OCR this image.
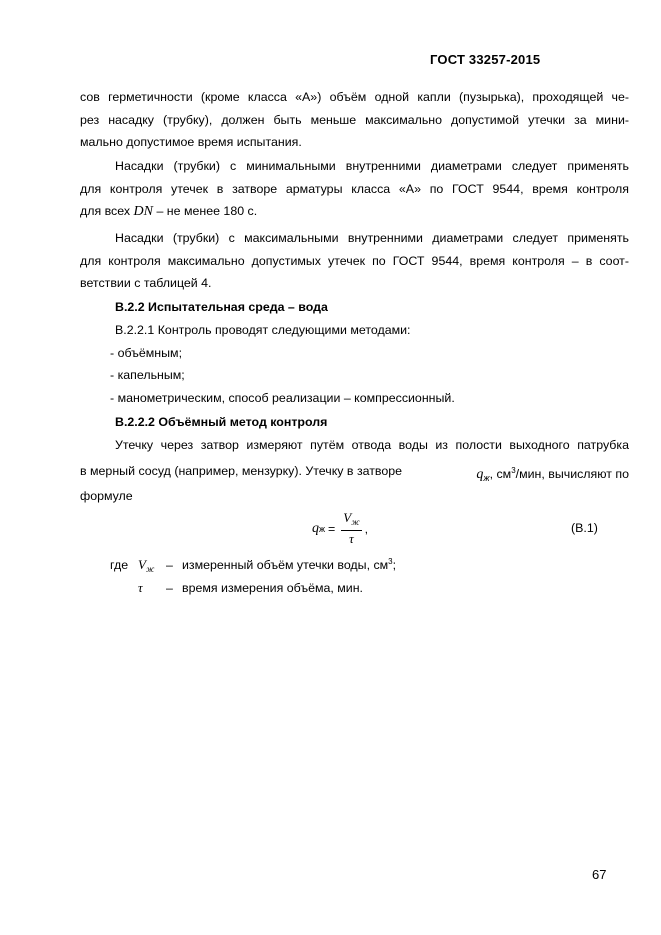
ГОСТ 33257-2015
сов герметичности (кроме класса «А») объём одной капли (пузырька), проходящей че-
рез насадку (трубку), должен быть меньше максимально допустимой утечки за мини-
мально допустимое время испытания.
Насадки (трубки) с минимальными внутренними диаметрами следует применять
для контроля утечек в затворе арматуры класса «А» по ГОСТ 9544, время контроля
для всех DN – не менее 180 с.
Насадки (трубки) с максимальными внутренними диаметрами следует применять
для контроля максимально допустимых утечек по ГОСТ 9544, время контроля – в соот-
ветствии с таблицей 4.
В.2.2 Испытательная среда – вода
В.2.2.1 Контроль проводят следующими методами:
- объёмным;
- капельным;
- манометрическим, способ реализации – компрессионный.
В.2.2.2 Объёмный метод контроля
Утечку через затвор измеряют путём отвода воды из полости выходного патрубка
в мерный сосуд (например, мензурку). Утечку в затворе	$q_ж$, $см^3$/мин, вычисляют по
формуле
q $ж = \frac{V_ж}{\tau}$ ,	(В.1)
где $V_ж$ – измеренный объём утечки воды, $см^3$;
τ – время измерения объёма, мин.
67
